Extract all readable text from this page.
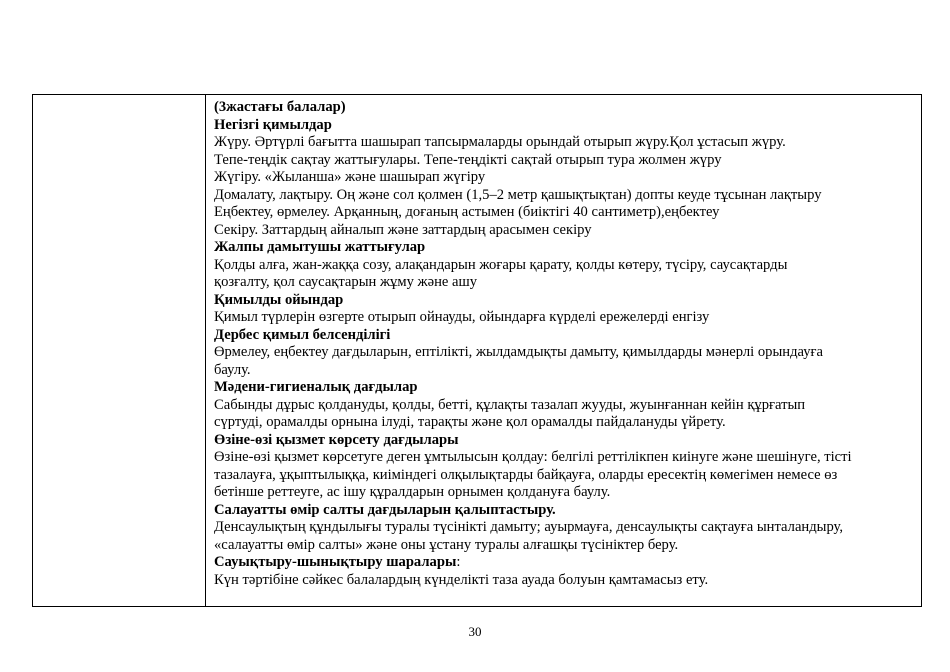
(3жастағы балалар)
Негізгі қимылдар
Жүру. Әртүрлі бағытта шашырап тапсырмаларды орындай отырып жүру.Қол ұстасып жүру.
Тепе-теңдік сақтау жаттығулары. Тепе-теңдікті сақтай отырып тура жолмен жүру
Жүгіру. «Жыланша» және шашырап жүгіру
Домалату, лақтыру. Оң және сол қолмен (1,5–2 метр қашықтықтан) допты кеуде тұсынан лақтыру
Еңбектеу, өрмелеу. Арқанның, доғаның астымен (биіктігі 40 сантиметр),еңбектеу
Секіру. Заттардың айналып және заттардың арасымен секіру
Жалпы дамытушы жаттығулар
Қолды алға, жан-жаққа созу, алақандарын жоғары қарату, қолды көтеру, түсіру, саусақтарды
қозғалту, қол саусақтарын жұму және ашу
Қимылды ойындар
Қимыл түрлерін өзгерте отырып ойнауды, ойындарға күрделі ережелерді енгізу
Дербес қимыл белсенділігі
Өрмелеу, еңбектеу дағдыларын, ептілікті, жылдамдықты дамыту, қимылдарды мәнерлі орындауға
баулу.
Мәдени-гигиеналық дағдылар
Сабынды дұрыс қолдануды, қолды, бетті, құлақты тазалап жууды, жуынғаннан кейін құрғатып
сүртуді, орамалды орнына ілуді, тарақты және қол орамалды пайдалануды үйрету.
Өзіне-өзі қызмет көрсету дағдылары
Өзіне-өзі қызмет көрсетуге деген ұмтылысын қолдау: белгілі реттілікпен киінуге және шешінуге, тісті
тазалауға, ұқыптылыққа, киіміндегі олқылықтарды байқауға, оларды ересектің көмегімен немесе өз
бетінше реттеуге, ас ішу құралдарын орнымен қолдануға баулу.
Салауатты өмір салты дағдыларын қалыптастыру.
Денсаулықтың құндылығы туралы түсінікті дамыту; ауырмауға, денсаулықты сақтауға ынталандыру,
«салауатты өмір салты» және оны ұстану туралы алғашқы түсініктер беру.
Сауықтыру-шынықтыру шаралары:
Күн тәртібіне сәйкес балалардың күнделікті таза ауада болуын қамтамасыз ету.
30
